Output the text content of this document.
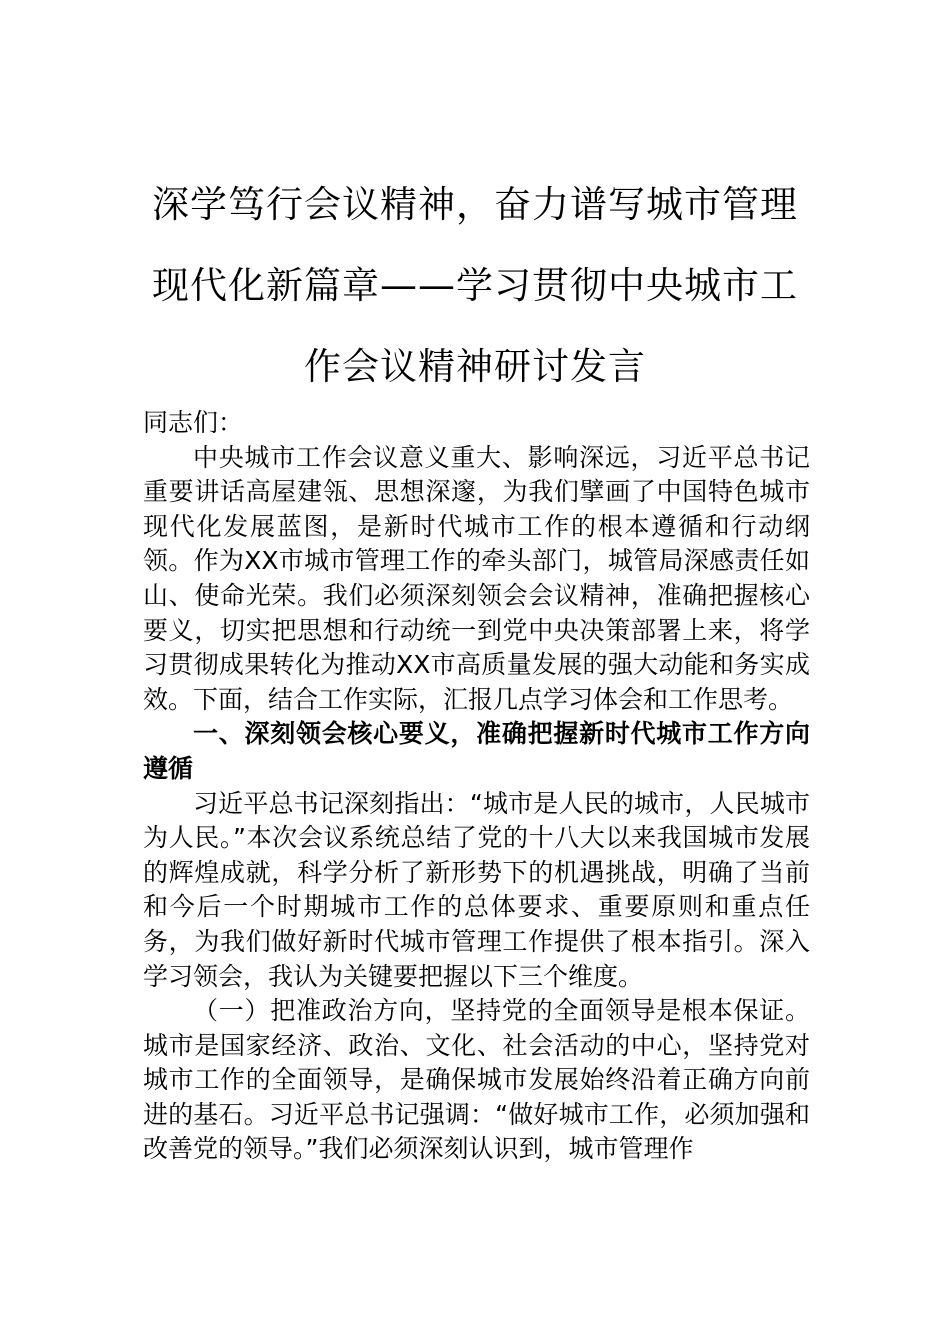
深学笃行会议精神，奋力谱写城市管理现代化新篇章——学习贯彻中央城市工作会议精神研讨发言

同志们：

中央城市工作会议意义重大、影响深远，习近平总书记重要讲话高屋建瓴、思想深邃，为我们擘画了中国特色城市现代化发展蓝图，是新时代城市工作的根本遵循和行动纲领。作为XX市城市管理工作的牵头部门，城管局深感责任如山、使命光荣。我们必须深刻领会会议精神，准确把握核心要义，切实把思想和行动统一到党中央决策部署上来，将学习贯彻成果转化为推动XX市高质量发展的强大动能和务实成效。下面，结合工作实际，汇报几点学习体会和工作思考。

一、深刻领会核心要义，准确把握新时代城市工作方向遵循

习近平总书记深刻指出：“城市是人民的城市，人民城市为人民。”本次会议系统总结了党的十八大以来我国城市发展的辉煌成就，科学分析了新形势下的机遇挑战，明确了当前和今后一个时期城市工作的总体要求、重要原则和重点任务，为我们做好新时代城市管理工作提供了根本指引。深入学习领会，我认为关键要把握以下三个维度。

（一）把准政治方向，坚持党的全面领导是根本保证。城市是国家经济、政治、文化、社会活动的中心，坚持党对城市工作的全面领导，是确保城市发展始终沿着正确方向前进的基石。习近平总书记强调：“做好城市工作，必须加强和改善党的领导。”我们必须深刻认识到，城市管理作
